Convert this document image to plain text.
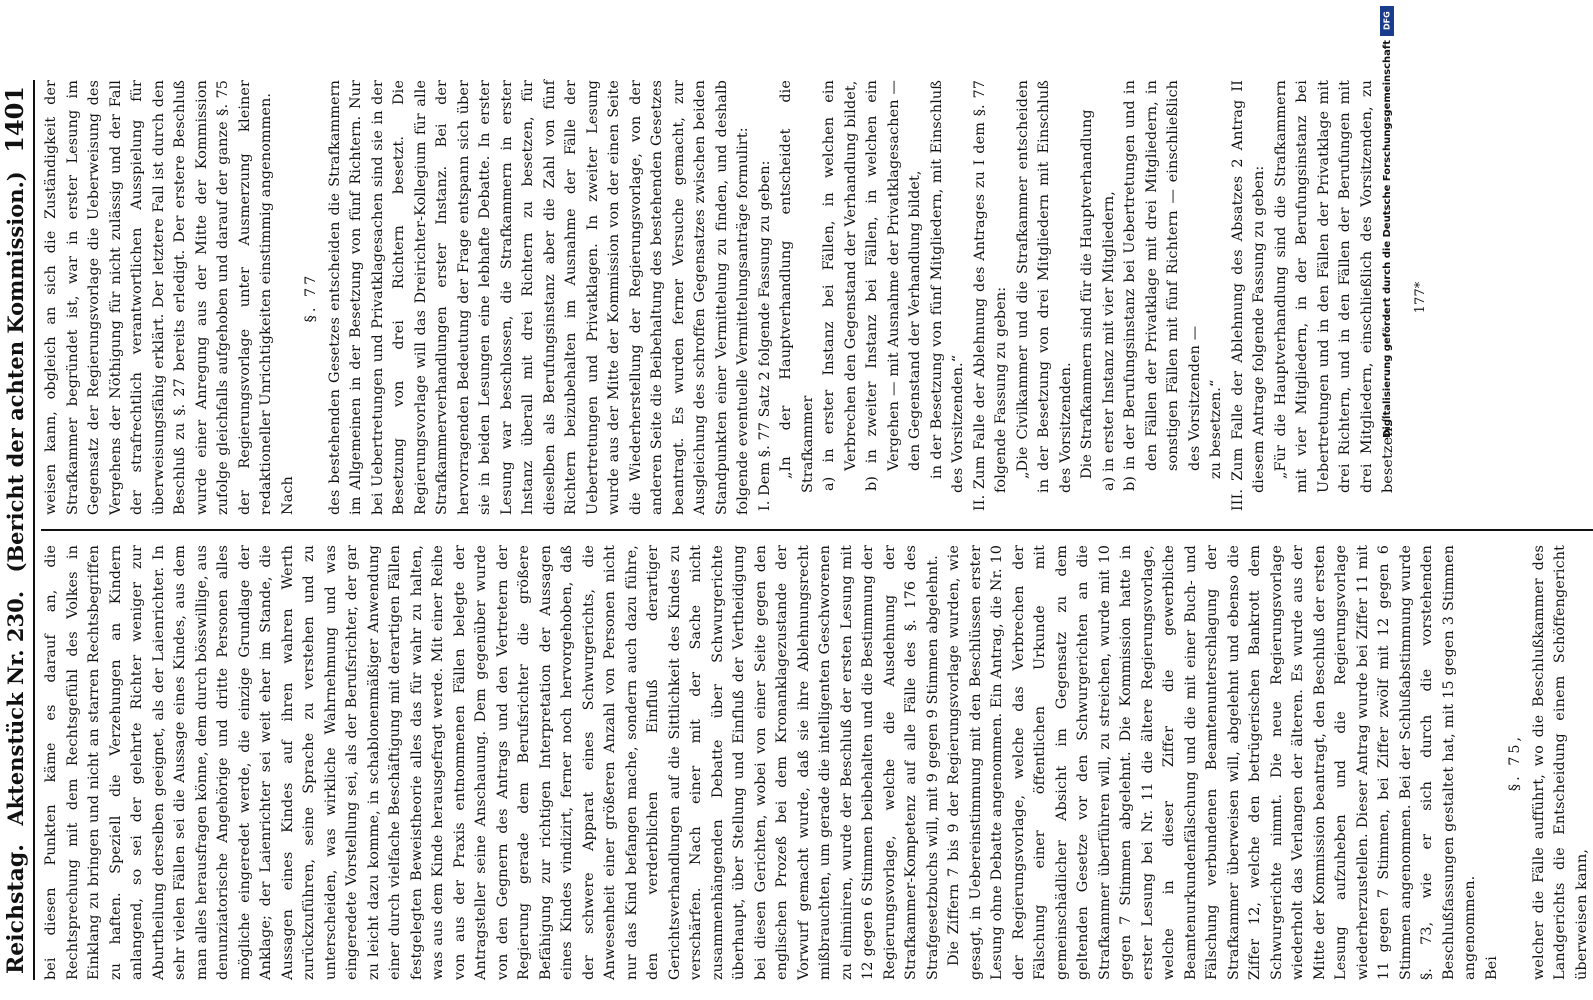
Reichstag.
Aktenstück Nr. 230.
(Bericht der achten Kommission.)
1401

bei diesen Punkten käme es darauf an, die Rechtsprechung mit dem Rechtsgefühl des Volkes in Einklang zu bringen und nicht an starren Rechtsbegriffen zu haften. Speziell die Verzehungen an Kindern anlangend, so sei der gelehrte Richter weniger zur Aburtheilung derselben geeignet, als der Laienrichter. In sehr vielen Fällen sei die Aussage eines Kindes, aus dem man alles herausfragen könne, dem durch bösswillige, aus denunziatorische Angehörige und dritte Personen alles mögliche eingeredet werde, die einzige Grundlage der Anklage; der Laienrichter sei weit eher im Stande, die Aussagen eines Kindes auf ihren wahren Werth zurückzuführen, seine Sprache zu verstehen und zu unterscheiden, was wirkliche Wahrnehmung und was eingeredete Vorstellung sei, als der Berufsrichter, der gar zu leicht dazu komme, in schablonenmäßiger Anwendung einer durch vielfache Beschäftigung mit derartigen Fällen festgelegten Beweistheorie alles das für wahr zu halten, was aus dem Kinde herausgefragt werde. Mit einer Reihe von aus der Praxis entnommenen Fällen belegte der Antragsteller seine Anschauung. Dem gegenüber wurde von den Gegnern des Antrags und den Vertretern der Regierung gerade dem Berufsrichter die größere Befähigung zur richtigen Interpretation der Aussagen eines Kindes vindizirt, ferner noch hervorgehoben, daß der schwere Apparat eines Schwurgerichts, die Anwesenheit einer größeren Anzahl von Personen nicht nur das Kind befangen mache, sondern auch dazu führe, den verderblichen Einfluß derartiger Gerichtsverhandlungen auf die Sittlichkeit des Kindes zu verschärfen. Nach einer mit der Sache nicht zusammenhängenden Debatte über Schwurgerichte überhaupt, über Stellung und Einfluß der Vertheidigung bei diesen Gerichten, wobei von einer Seite gegen den englischen Prozeß bei dem Kronanklagezustande der Vorwurf gemacht wurde, daß sie ihre Ablehnungsrecht mißbrauchten, um gerade die intelligenten Geschworenen zu eliminiren, wurde der Beschluß der ersten Lesung mit 12 gegen 6 Stimmen beibehalten und die Bestimmung der Regierungsvorlage, welche die Ausdehnung der Strafkammer-Kompetenz auf alle Fälle des §. 176 des Strafgesetzbuchs will, mit 9 gegen 9 Stimmen abgelehnt. Die Ziffern 7 bis 9 der Regierungsvorlage wurden, wie gesagt, in Uebereinstimmung mit den Beschlüssen erster Lesung ohne Debatte angenommen. Ein Antrag, die Nr. 10 der Regierungsvorlage, welche das Verbrechen der Fälschung einer öffentlichen Urkunde mit gemeinschädlicher Absicht im Gegensatz zu dem geltenden Gesetze vor den Schwurgerichten an die Strafkammer überführen will, zu streichen, wurde mit 10 gegen 7 Stimmen abgelehnt. Die Kommission hatte in erster Lesung bei Nr. 11 die ältere Regierungsvorlage, welche in dieser Ziffer die gewerbliche Beamtenurkundenfälschung und die mit einer Buch- und Fälschung verbundenen Beamtenunterschlagung der Strafkammer überweisen will, abgelehnt und ebenso die Ziffer 12, welche den betrügerischen Bankrott dem Schwurgerichte nimmt. Die neue Regierungsvorlage wiederholt das Verlangen der älteren. Es wurde aus der Mitte der Kommission beantragt, den Beschluß der ersten Lesung aufzuheben und die Regierungsvorlage wiederherzustellen. Dieser Antrag wurde bei Ziffer 11 mit 11 gegen 7 Stimmen, bei Ziffer zwölf mit 12 gegen 6 Stimmen angenommen. Bei der Schlußabstimmung wurde §. 73, wie er sich durch die vorstehenden Beschlußfassungen gestaltet hat, mit 15 gegen 3 Stimmen angenommen. Bei

§. 75, welcher die Fälle aufführt, wo die Beschlußkammer des Landgerichts die Entscheidung einem Schöffengericht überweisen kann,

weisen kann, obgleich an sich die Zuständigkeit der Strafkammer begründet ist, war in erster Lesung im Gegensatz der Regierungsvorlage die Ueberweisung des Vergehens der Nöthigung für nicht zulässig und der Fall der strafrechtlich verantwortlichen Ausspielung für überweisungsfähig erklärt. Der letztere Fall ist durch den Beschluß zu §. 27 bereits erledigt. Der erstere Beschluß wurde einer Anregung aus der Mitte der Kommission zufolge gleichfalls aufgehoben und darauf der ganze §. 75 der Regierungsvorlage unter Ausmerzung kleiner redaktioneller Unrichtigkeiten einstimmig angenommen. Nach

§. 77 des bestehenden Gesetzes entscheiden die Strafkammern im Allgemeinen in der Besetzung von fünf Richtern. Nur bei Uebertretungen und Privatklagesachen sind sie in der Besetzung von drei Richtern besetzt. Die Regierungsvorlage will das Dreirichter-Kollegium für alle Strafkammerverhandlungen erster Instanz. Bei der hervorragenden Bedeutung der Frage entspann sich über sie in beiden Lesungen eine lebhafte Debatte. In erster Lesung war beschlossen, die Strafkammern in erster Instanz überall mit drei Richtern zu besetzen, für dieselben als Berufungsinstanz aber die Zahl von fünf Richtern beizubehalten im Ausnahme der Fälle der Uebertretungen und Privatklagen. In zweiter Lesung wurde aus der Mitte der Kommission von der einen Seite die Wiederherstellung der Regierungsvorlage, von der anderen Seite die Beibehaltung des bestehenden Gesetzes beantragt. Es wurden ferner Versuche gemacht, zur Ausgleichung des schroffen Gegensatzes zwischen beiden Standpunkten einer Vermittelung zu finden, und deshalb folgende eventuelle Vermittelungsanträge formulirt: I. Dem §. 77 Satz 2 folgende Fassung zu geben: „In der Hauptverhandlung entscheidet die Strafkammer a) in erster Instanz bei Fällen, in welchen ein Verbrechen den Gegenstand der Verhandlung bildet, b) in zweiter Instanz bei Fällen, in welchen ein Vergehen — mit Ausnahme der Privatklagesachen — den Gegenstand der Verhandlung bildet, in der Besetzung von fünf Mitgliedern, mit Einschluß des Vorsitzenden.“ II. Zum Falle der Ablehnung des Antrages zu I dem §. 77 folgende Fassung zu geben: „Die Civilkammer und die Strafkammer entscheiden in der Besetzung von drei Mitgliedern mit Einschluß des Vorsitzenden. Die Strafkammern sind für die Hauptverhandlung a) in erster Instanz mit vier Mitgliedern, b) in der Berufungsinstanz bei Uebertretungen und in den Fällen der Privatklage mit drei Mitgliedern, in sonstigen Fällen mit fünf Richtern — einschließlich des Vorsitzenden — zu besetzen.“ III. Zum Falle der Ablehnung des Absatzes 2 Antrag II diesem Antrage folgende Fassung zu geben: „Für die Hauptverhandlung sind die Strafkammern mit vier Mitgliedern, in der Berufungsinstanz bei Uebertretungen und in den Fällen der Privatklage mit drei Richtern, und in den Fällen der Berufungen mit drei Mitgliedern, einschließlich des Vorsitzenden, zu besetzen.“

177*

DFG
Digitalisierung gefördert durch die Deutsche Forschungsgemeinschaft
